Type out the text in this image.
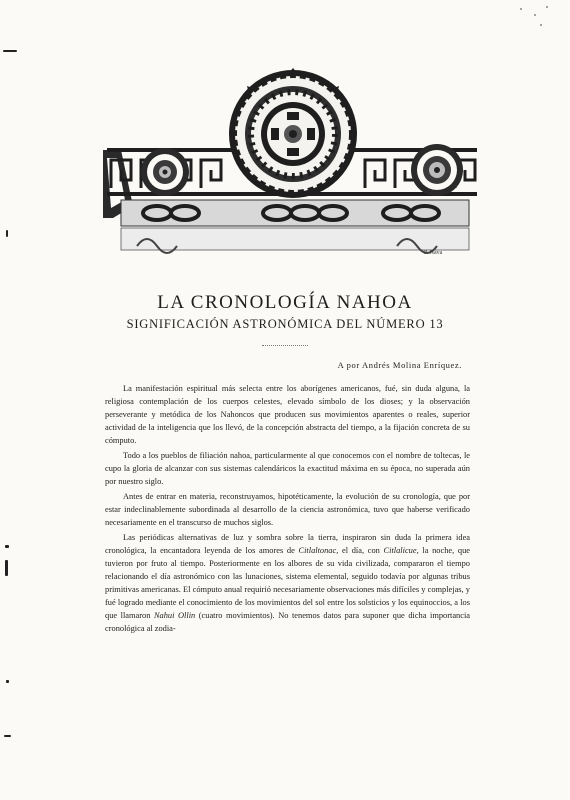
P. Nava
LA CRONOLOGÍA NAHOA
SIGNIFICACIÓN ASTRONÓMICA DEL NÚMERO 13
A por Andrés Molina Enríquez.

La manifestación espiritual más selecta entre los aborígenes americanos, fué, sin duda alguna, la religiosa contemplación de los cuerpos celestes, elevado símbolo de los dioses; y la observación perseverante y metódica de los Nahoncos que producen sus movimientos aparentes o reales, superior actividad de la inteligencia que los llevó, de la concepción abstracta del tiempo, a la fijación concreta de su cómputo.

Todo a los pueblos de filiación nahoa, particularmente al que conocemos con el nombre de toltecas, le cupo la gloria de alcanzar con sus sistemas calendáricos la exactitud máxima en su época, no superada aún por nuestro siglo.

Antes de entrar en materia, reconstruyamos, hipotéticamente, la evolución de su cronología, que por estar indeclinablemente subordinada al desarrollo de la ciencia astronómica, tuvo que haberse verificado necesariamente en el transcurso de muchos siglos.

Las periódicas alternativas de luz y sombra sobre la tierra, inspiraron sin duda la primera idea cronológica, la encantadora leyenda de los amores de Citlaltonac, el día, con Citlalicue, la noche, que tuvieron por fruto al tiempo. Posteriormente en los albores de su vida civilizada, compararon el tiempo relacionando el día astronómico con las lunaciones, sistema elemental, seguido todavía por algunas tribus primitivas americanas. El cómputo anual requirió necesariamente observaciones más difíciles y complejas, y fué logrado mediante el conocimiento de los movimientos del sol entre los solsticios y los equinoccios, a los que llamaron Nahui Ollin (cuatro movimientos). No tenemos datos para suponer que dicha importancia cronológica al zodia-
